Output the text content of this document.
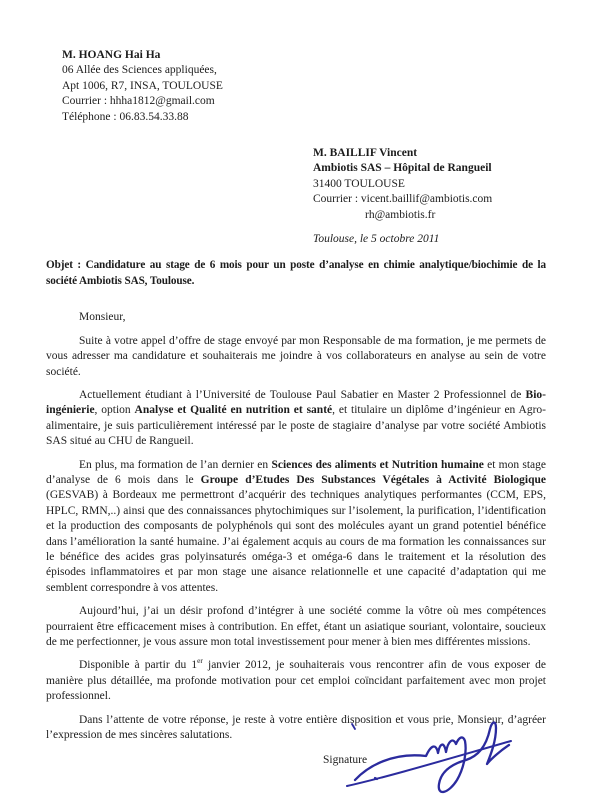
M. HOANG Hai Ha
06 Allée des Sciences appliquées,
Apt 1006, R7, INSA, TOULOUSE
Courrier : hhha1812@gmail.com
Téléphone : 06.83.54.33.88
M. BAILLIF Vincent
Ambiotis SAS – Hôpital de Rangueil
31400 TOULOUSE
Courrier : vicent.baillif@ambiotis.com
rh@ambiotis.fr
Toulouse, le 5 octobre 2011

Objet : Candidature au stage de 6 mois pour un poste d’analyse en chimie analytique/biochimie de la société Ambiotis SAS, Toulouse.

Monsieur,

Suite à votre appel d’offre de stage envoyé par mon Responsable de ma formation, je me permets de vous adresser ma candidature et souhaiterais me joindre à vos collaborateurs en analyse au sein de votre société.

Actuellement étudiant à l’Université de Toulouse Paul Sabatier en Master 2 Professionnel de Bio-ingénierie, option Analyse et Qualité en nutrition et santé, et titulaire un diplôme d’ingénieur en Agro-alimentaire, je suis particulièrement intéressé par le poste de stagiaire d’analyse par votre société Ambiotis SAS situé au CHU de Rangueil.

En plus, ma formation de l’an dernier en Sciences des aliments et Nutrition humaine et mon stage d’analyse de 6 mois dans le Groupe d’Etudes Des Substances Végétales à Activité Biologique (GESVAB) à Bordeaux me permettront d’acquérir des techniques analytiques performantes (CCM, EPS, HPLC, RMN,..) ainsi que des connaissances phytochimiques sur l’isolement, la purification, l’identification et la production des composants de polyphénols qui sont des molécules ayant un grand potentiel bénéfice dans l’amélioration la santé humaine. J’ai également acquis au cours de ma formation les connaissances sur le bénéfice des acides gras polyinsaturés oméga-3 et oméga-6 dans le traitement et la résolution des épisodes inflammatoires et par mon stage une aisance relationnelle et une capacité d’adaptation qui me semblent correspondre à vos attentes.

Aujourd’hui, j’ai un désir profond d’intégrer à une société comme la vôtre où mes compétences pourraient être efficacement mises à contribution. En effet, étant un asiatique souriant, volontaire, soucieux de me perfectionner, je vous assure mon total investissement pour mener à bien mes différentes missions.

Disponible à partir du 1er janvier 2012, je souhaiterais vous rencontrer afin de vous exposer de manière plus détaillée, ma profonde motivation pour cet emploi coïncidant parfaitement avec mon projet professionnel.

Dans l’attente de votre réponse, je reste à votre entière disposition et vous prie, Monsieur, d’agréer l’expression de mes sincères salutations.

Signature
